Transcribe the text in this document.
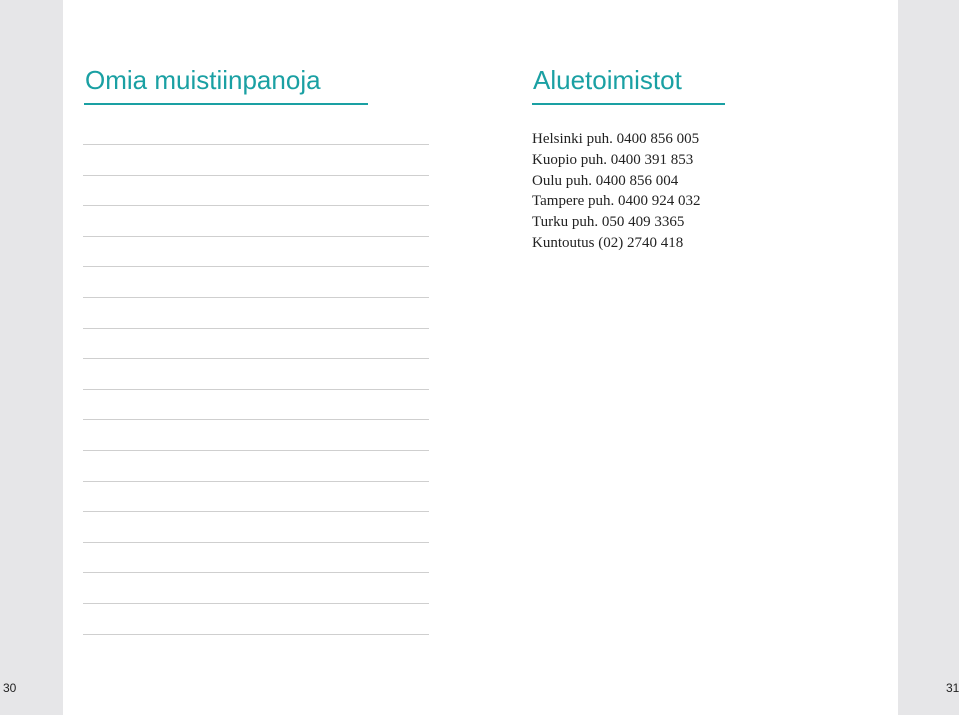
Omia muistiinpanoja	Aluetoimistot
Helsinki puh. 0400 856 005
Kuopio puh. 0400 391 853
Oulu puh. 0400 856 004
Tampere puh. 0400 924 032
Turku puh. 050 409 3365
Kuntoutus (02) 2740 418
30	31
